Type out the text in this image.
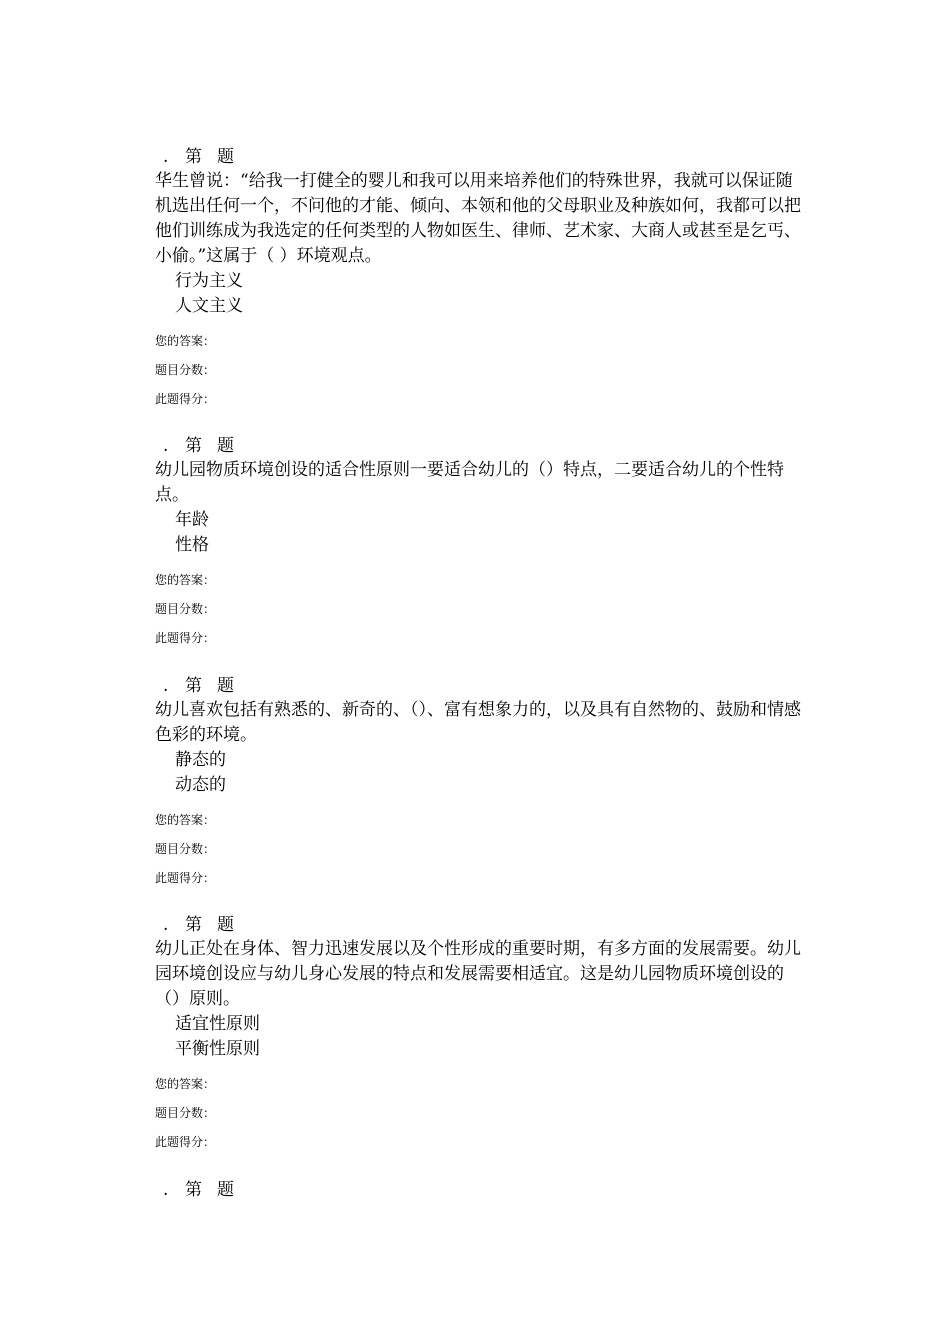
. 第 题

华生曾说：“给我一打健全的婴儿和我可以用来培养他们的特殊世界，我就可以保证随机选出任何一个，不问他的才能、倾向、本领和他的父母职业及种族如何，我都可以把他们训练成为我选定的任何类型的人物如医生、律师、艺术家、大商人或甚至是乞丐、小偷。”这属于（ ）环境观点。

行为主义
人文主义
您的答案：
题目分数：
此题得分：
. 第 题

幼儿园物质环境创设的适合性原则一要适合幼儿的（）特点，二要适合幼儿的个性特点。

年龄
性格
您的答案：
题目分数：
此题得分：
. 第 题

幼儿喜欢包括有熟悉的、新奇的、（）、富有想象力的，以及具有自然物的、鼓励和情感色彩的环境。

静态的
动态的
您的答案：
题目分数：
此题得分：
. 第 题

幼儿正处在身体、智力迅速发展以及个性形成的重要时期，有多方面的发展需要。幼儿园环境创设应与幼儿身心发展的特点和发展需要相适宜。这是幼儿园物质环境创设的（）原则。

适宜性原则
平衡性原则
您的答案：
题目分数：
此题得分：
. 第 题
